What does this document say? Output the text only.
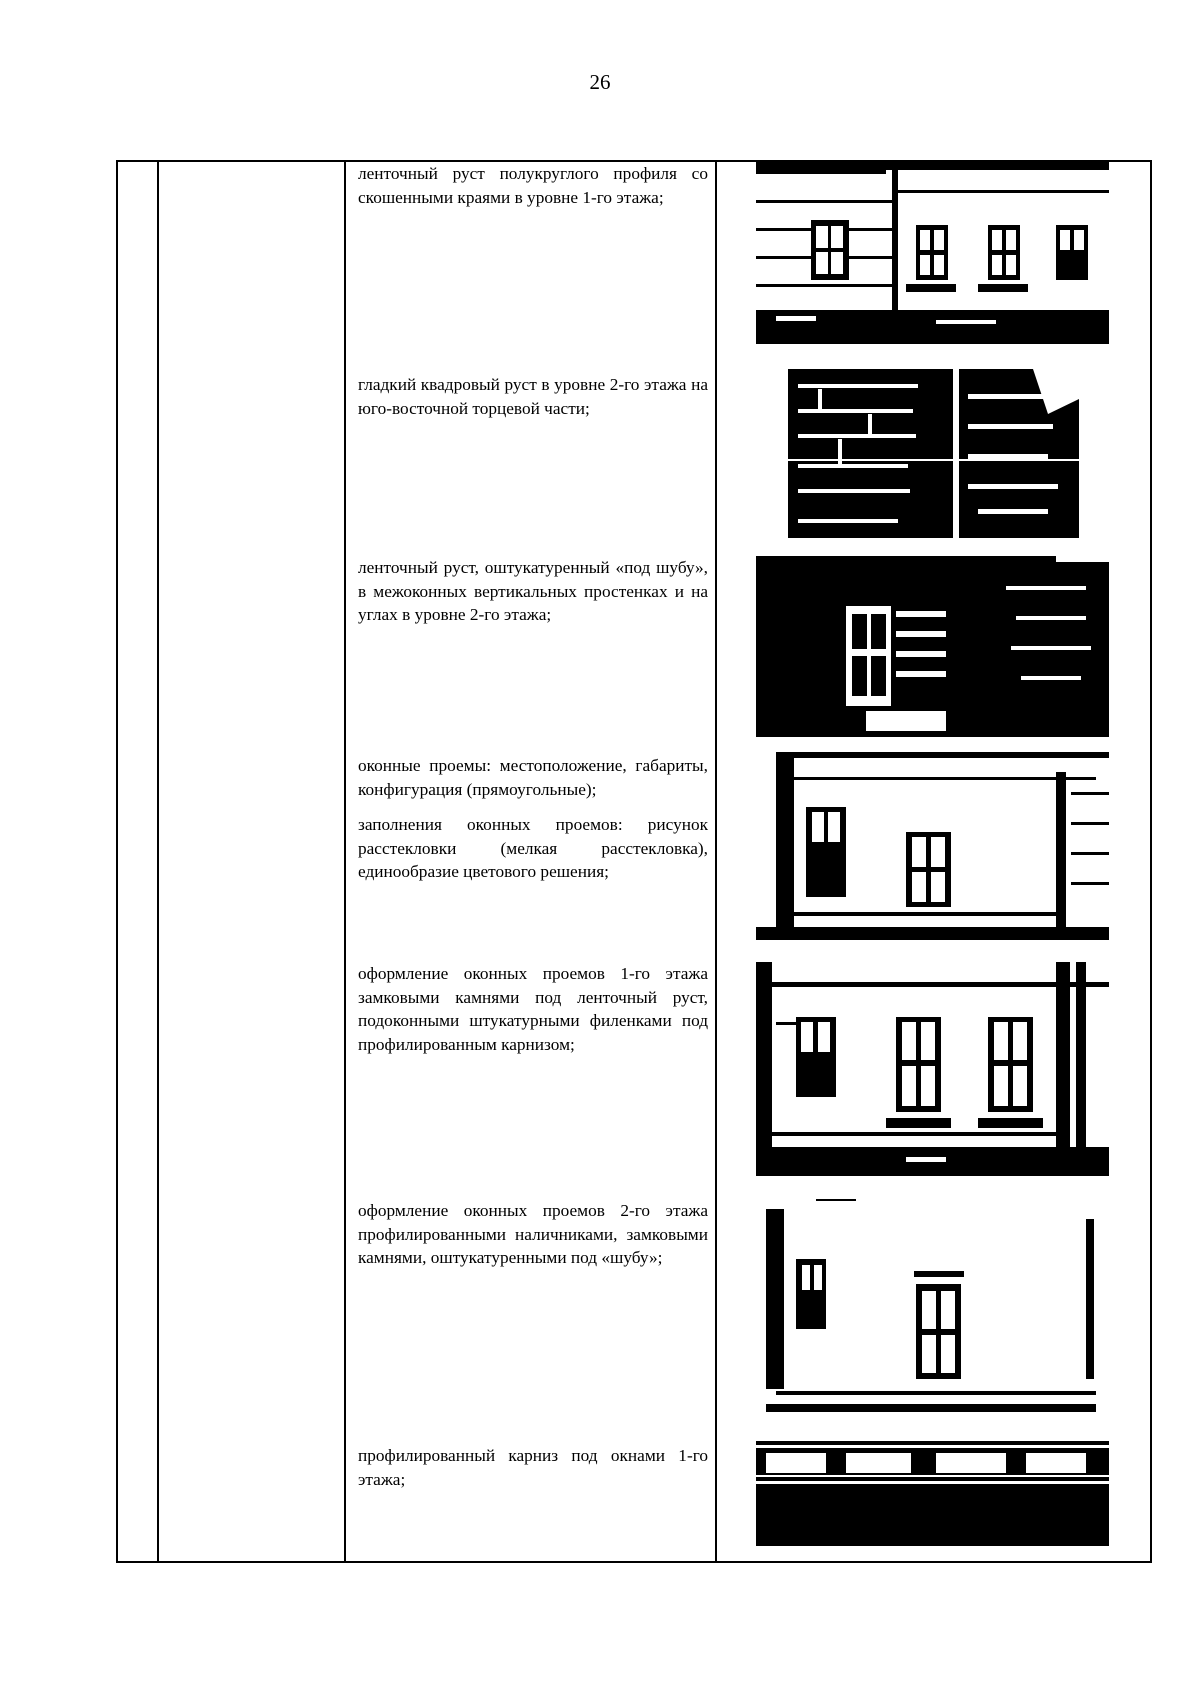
26

ленточный руст полукруглого профиля со скошенными краями в уровне 1-го этажа;

гладкий квадровый руст в уровне 2-го этажа на юго-восточной торцевой части;

ленточный руст, оштукатуренный «под шубу», в межоконных вертикальных простенках и на углах в уровне 2-го этажа;

оконные проемы: местоположение, габариты, конфигурация (прямоугольные);

заполнения оконных проемов: рисунок расстекловки (мелкая расстекловка), единообразие цветового решения;

оформление оконных проемов 1-го этажа замковыми камнями под ленточный руст, подоконными штукатурными филенками под профилированным карнизом;

оформление оконных проемов 2-го этажа профилированными наличниками, замковыми камнями, оштукатуренными под «шубу»;

профилированный карниз под окнами 1-го этажа;
